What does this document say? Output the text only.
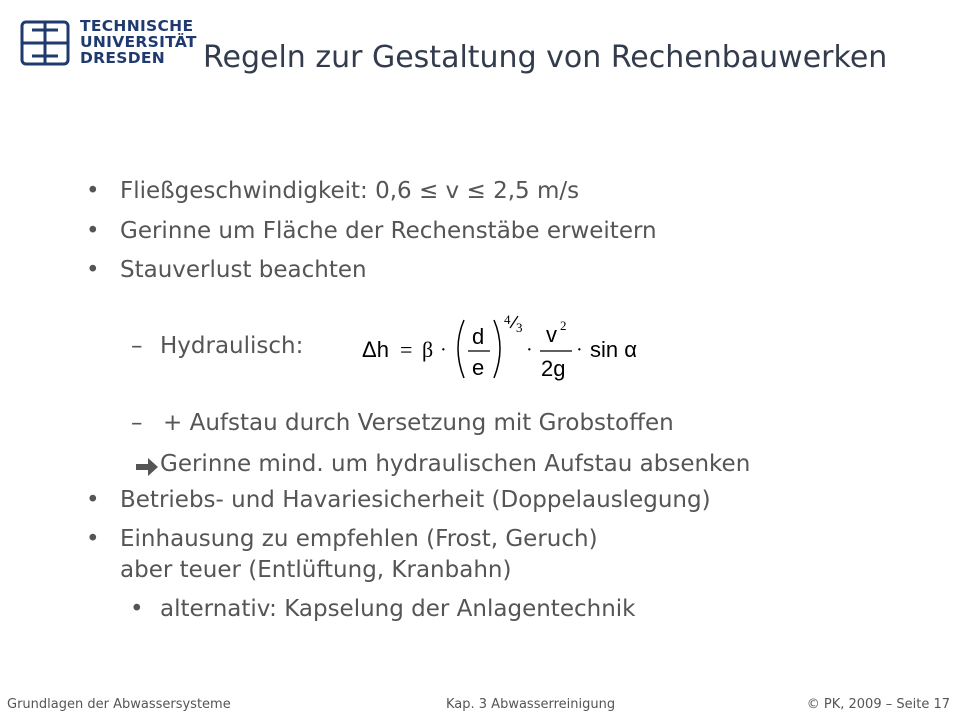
TECHNISCHE
UNIVERSITÄT
DRESDEN	Regeln zur Gestaltung von Rechenbauwerken
• Fließgeschwindigkeit: 0,6 ≤ v ≤ 2,5 m/s
• Gerinne um Fläche der Rechenstäbe erweitern
• Stauverlust beachten
– Hydraulisch:	Δh = β ·
d
e
4
3
·
v 2
2g
· sin α
– + Aufstau durch Versetzung mit Grobstoffen
Gerinne mind. um hydraulischen Aufstau absenken
• Betriebs- und Havariesicherheit (Doppelauslegung)
• Einhausung zu empfehlen (Frost, Geruch)
aber teuer (Entlüftung, Kranbahn)
• alternativ: Kapselung der Anlagentechnik
Grundlagen der Abwassersysteme	Kap. 3 Abwasserreinigung	© PK, 2009 – Seite 17
